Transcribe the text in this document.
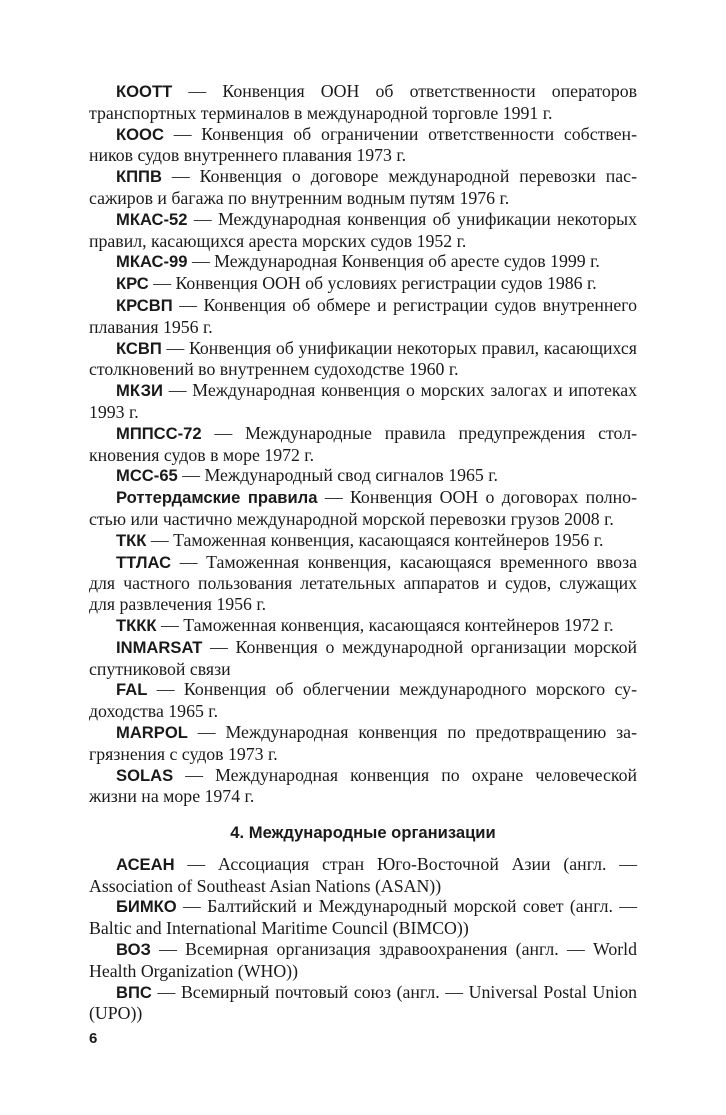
КООТТ — Конвенция ООН об ответственности операторов транспортных терминалов в международной торговле 1991 г.

КООС — Конвенция об ограничении ответственности собственников судов внутреннего плавания 1973 г.

КППВ — Конвенция о договоре международной перевозки пассажиров и багажа по внутренним водным путям 1976 г.

МКАС-52 — Международная конвенция об унификации некоторых правил, касающихся ареста морских судов 1952 г.

МКАС-99 — Международная Конвенция об аресте судов 1999 г.

КРС — Конвенция ООН об условиях регистрации судов 1986 г.

КРСВП — Конвенция об обмере и регистрации судов внутреннего плавания 1956 г.

КСВП — Конвенция об унификации некоторых правил, касающихся столкновений во внутреннем судоходстве 1960 г.

МКЗИ — Международная конвенция о морских залогах и ипотеках 1993 г.

МППСС-72 — Международные правила предупреждения столкновения судов в море 1972 г.

МСС-65 — Международный свод сигналов 1965 г.

Роттердамские правила — Конвенция ООН о договорах полностью или частично международной морской перевозки грузов 2008 г.

ТКК — Таможенная конвенция, касающаяся контейнеров 1956 г.

ТТЛАС — Таможенная конвенция, касающаяся временного ввоза для частного пользования летательных аппаратов и судов, служащих для развлечения 1956 г.

ТККК — Таможенная конвенция, касающаяся контейнеров 1972 г.

INMARSAT — Конвенция о международной организации морской спутниковой связи

FAL — Конвенция об облегчении международного морского судоходства 1965 г.

MARPOL — Международная конвенция по предотвращению загрязнения с судов 1973 г.

SOLAS — Международная конвенция по охране человеческой жизни на море 1974 г.

4. Международные организации

АСЕАН — Ассоциация стран Юго-Восточной Азии (англ. — Association of Southeast Asian Nations (ASAN))

БИМКО — Балтийский и Международный морской совет (англ. — Baltic and International Maritime Council (BIMCO))

ВОЗ — Всемирная организация здравоохранения (англ. — World Health Organization (WHO))

ВПС — Всемирный почтовый союз (англ. — Universal Postal Union (UPO))

6
